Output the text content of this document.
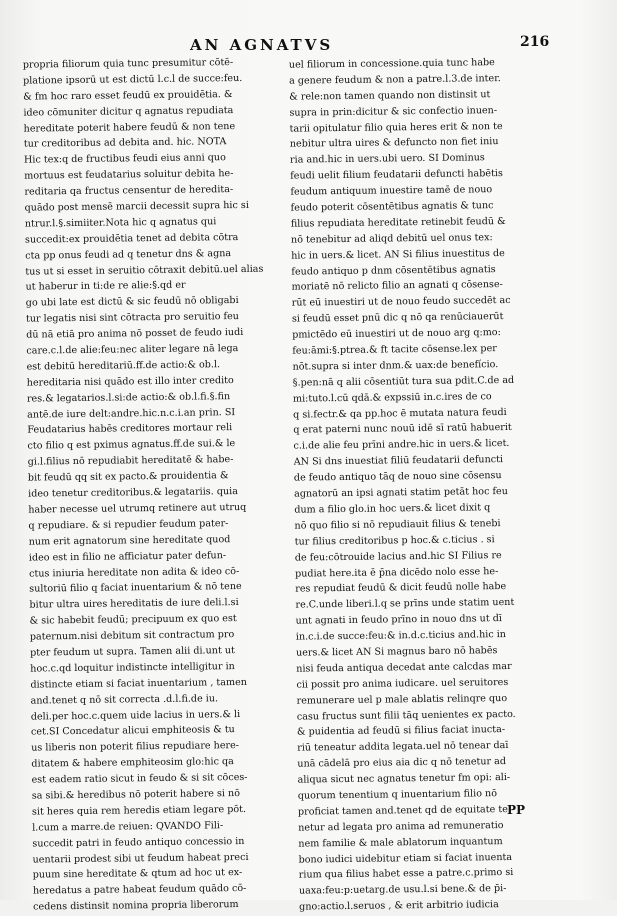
AN AGNATVS	216
propria filiorum quia tunc presumitur cōtē-
platione ipsorū ut est dictū l.c.l de succe:feu.
& fm hoc raro esset feudū ex prouidētia. &
ideo cōmuniter dicitur q agnatus repudiata
hereditate poterit habere feudū & non tene
tur creditoribus ad debita and. hic. NOTA
Hic tex:q de fructibus feudi eius anni quo
mortuus est feudatarius soluitur debita he-
reditaria qa fructus censentur de heredita-
quādo post mensē marcii decessit supra hic si
ntrur.l.§.simiiter.Nota hic q agnatus qui
succedit:ex prouidētia tenet ad debita cōtra
cta pp onus feudi ad q tenetur dns & agna
tus ut si esset in seruitio cōtraxit debitū.uel alias
ut haberur in ti:de re alie:§.qd er
go ubi late est dictū & sic feudū nō obligabi
tur legatis nisi sint cōtracta pro seruitio feu
dū nā etiā pro anima nō posset de feudo iudi
care.c.l.de alie:feu:nec aliter legare nā lega
est debitū hereditariū.ff.de actio:& ob.l.
hereditaria nisi quādo est illo inter credito
res.& legatarios.l.si:de actio:& ob.l.fi.§.fin
antē.de iure delt:andre.hic.n.c.i.an prin. SI
Feudatarius habēs creditores mortaur reli
cto filio q est pximus agnatus.ff.de sui.& le
gi.l.filius nō repudiabit hereditatē & habe-
bit feudū qq sit ex pacto.& prouidentia &
ideo tenetur creditoribus.& legatariis. quia
haber necesse uel utrumq retinere aut utruq
q repudiare. & si repudier feudum pater-
num erit agnatorum sine hereditate quod
ideo est in filio ne afficiatur pater defun-
ctus iniuria hereditate non adita & ideo cō-
sultoriū filio q faciat inuentarium & nō tene
bitur ultra uires hereditatis de iure deli.l.si
& sic habebit feudū; precipuum ex quo est
paternum.nisi debitum sit contractum pro
pter feudum ut supra. Tamen alii di.unt ut
hoc.c.qd loquitur indistincte intelligitur in
distincte etiam si faciat inuentarium , tamen
and.tenet q nō sit correcta .d.l.fi.de iu.
deli.per hoc.c.quem uide lacius in uers.& li
cet.SI Concedatur alicui emphiteosis & tu
us liberis non poterit filius repudiare here-
ditatem & habere emphiteosim glo:hic qa
est eadem ratio sicut in feudo & si sit cōces-
sa sibi.& heredibus nō poterit habere si nō
sit heres quia rem heredis etiam legare pōt.
l.cum a marre.de reiuen: QVANDO Fili-
succedit patri in feudo antiquo concessio in
uentarii prodest sibi ut feudum habeat preci
puum sine hereditate & qtum ad hoc ut ex-
heredatus a patre habeat feudum quādo cō-
cedens distinsit nomina propria liberorum
uel filiorum in concessione.quia tunc habe
a genere feudum & non a patre.l.3.de inter.
& rele:non tamen quando non distinsit ut
supra in prin:dicitur & sic confectio inuen-
tarii opitulatur filio quia heres erit & non te
nebitur ultra uires & defuncto non fiet iniu
ria and.hic in uers.ubi uero. SI Dominus
feudi uelit filium feudatarii defuncti habētis
feudum antiquum inuestire tamē de nouo
feudo poterit cōsentētibus agnatis & tunc
filius repudiata hereditate retinebit feudū &
nō tenebitur ad aliqd debitū uel onus tex:
hic in uers.& licet. AN Si filius inuestitus de
feudo antiquo p dnm cōsentētibus agnatis
moriatē nō relicto filio an agnati q cōsense-
rūt eū inuestiri ut de nouo feudo succedēt ac
si feudū esset pnū dic q nō qa renūciauerūt
pmictēdo eū inuestiri ut de nouo arg q:mo:
feu:āmi:§.ptrea.& ft tacite cōsense.lex per
nōt.supra si inter dnm.& uax:de benefício.
§.pen:nā q alii cōsentiūt tura sua pdit.C.de ad
mi:tuto.l.cū qdā.& expssiū in.c.ires de co
q si.fectr.& qa pp.hoc ē mutata natura feudi
q erat paterni nunc nouū idē sī ratū habuerit
c.i.de alie feu prīni andre.hic in uers.& licet.
AN Si dns inuestiat filiū feudatarii defuncti
de feudo antiquo tāq de nouo sine cōsensu
agnatorū an ipsi agnati statim petāt hoc feu
dum a filio glo.in hoc uers.& licet dixit q
nō quo filio si nō repudiauit filius & tenebi
tur filius creditoribus p hoc.& c.ticius . si
de feu:cōtrouide lacius and.hic SI Filius re
pudiat here.ita ē p̄na dicēdo nolo esse he-
res repudiat feudū & dicit feudū nolle habe
re.C.unde liberi.l.q se prīns unde statim uent
unt agnati in feudo prīno in nouo dns ut dī
in.c.i.de succe:feu:& in.d.c.ticius and.hic in
uers.& licet AN Si magnus baro nō habēs
nisi feuda antiqua decedat ante calcdas mar
cii possit pro anima iudicare. uel seruitores
remunerare uel p male ablatis relinqre quo
casu fructus sunt filii tāq uenientes ex pacto.
& puidentia ad feudū si filius faciat inucta-
riū teneatur addita legata.uel nō tenear daī
unā cādelā pro eius aia dic q nō tenetur ad
aliqua sicut nec agnatus tenetur fm opi: ali-
quorum tenentium q inuentarium filio nō
proficiat tamen and.tenet qd de equitate te
netur ad legata pro anima ad remuneratio
nem familie & male ablatorum inquantum
bono iudici uidebitur etiam si faciat inuenta
rium qua filius habet esse a patre.c.primo si
uaxa:feu:p:uetarg.de usu.l.si bene.& de p̄i-
gno:actio.l.seruos , & erit arbitrio iudicia
PP
